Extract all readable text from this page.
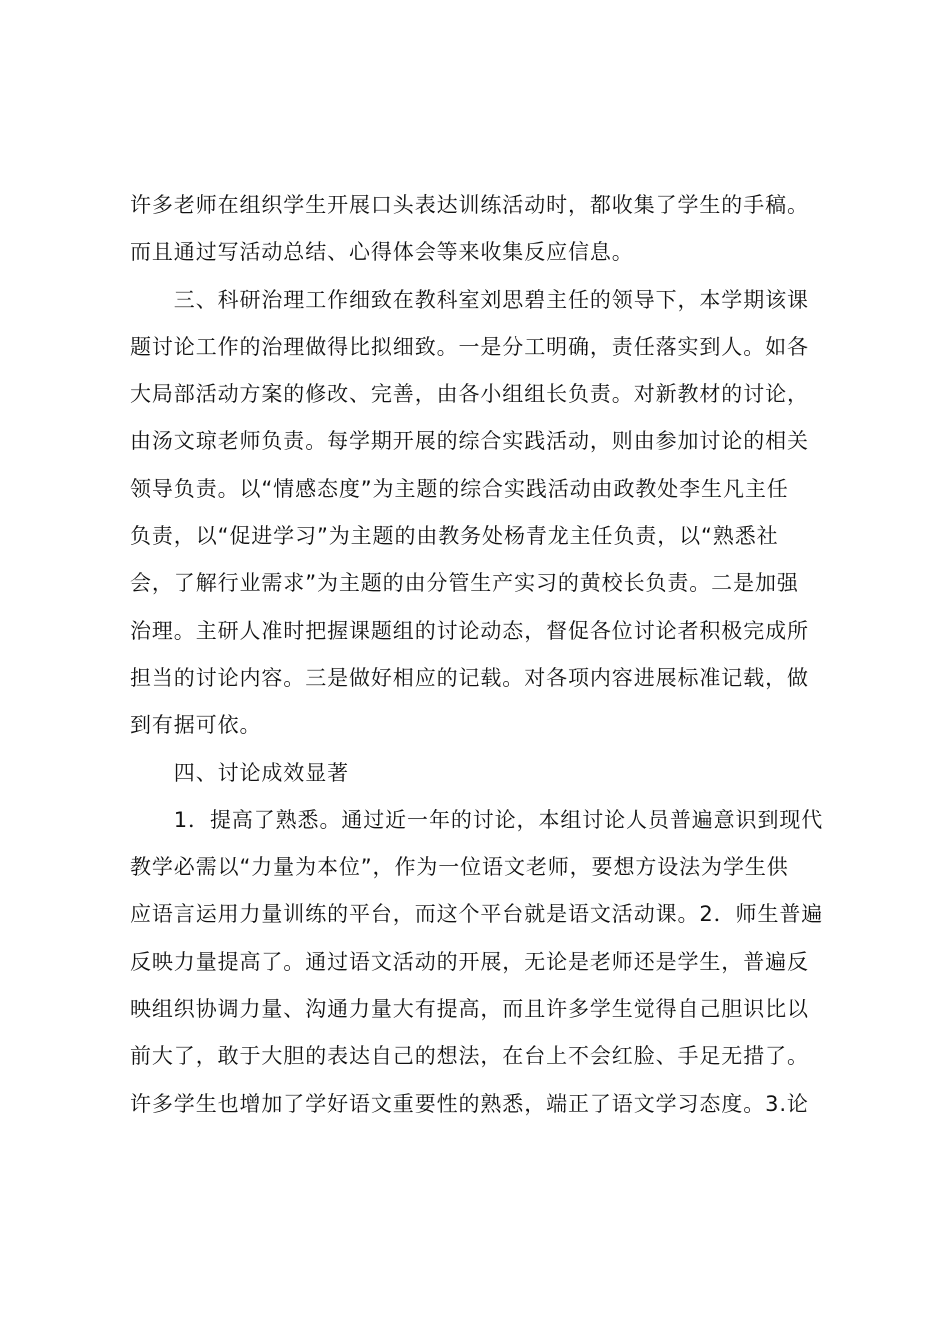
许多老师在组织学生开展口头表达训练活动时，都收集了学生的手稿。
而且通过写活动总结、心得体会等来收集反应信息。
　　三、科研治理工作细致在教科室刘思碧主任的领导下，本学期该课
题讨论工作的治理做得比拟细致。一是分工明确，责任落实到人。如各
大局部活动方案的修改、完善，由各小组组长负责。对新教材的讨论，
由汤文琼老师负责。每学期开展的综合实践活动，则由参加讨论的相关
领导负责。以“情感态度”为主题的综合实践活动由政教处李生凡主任
负责，以“促进学习”为主题的由教务处杨青龙主任负责，以“熟悉社
会，了解行业需求”为主题的由分管生产实习的黄校长负责。二是加强
治理。主研人准时把握课题组的讨论动态，督促各位讨论者积极完成所
担当的讨论内容。三是做好相应的记载。对各项内容进展标准记载，做
到有据可依。
　　四、讨论成效显著
　　1．提高了熟悉。通过近一年的讨论，本组讨论人员普遍意识到现代
教学必需以“力量为本位”，作为一位语文老师，要想方设法为学生供
应语言运用力量训练的平台，而这个平台就是语文活动课。2．师生普遍
反映力量提高了。通过语文活动的开展，无论是老师还是学生，普遍反
映组织协调力量、沟通力量大有提高，而且许多学生觉得自己胆识比以
前大了，敢于大胆的表达自己的想法，在台上不会红脸、手足无措了。
许多学生也增加了学好语文重要性的熟悉，端正了语文学习态度。3.论
